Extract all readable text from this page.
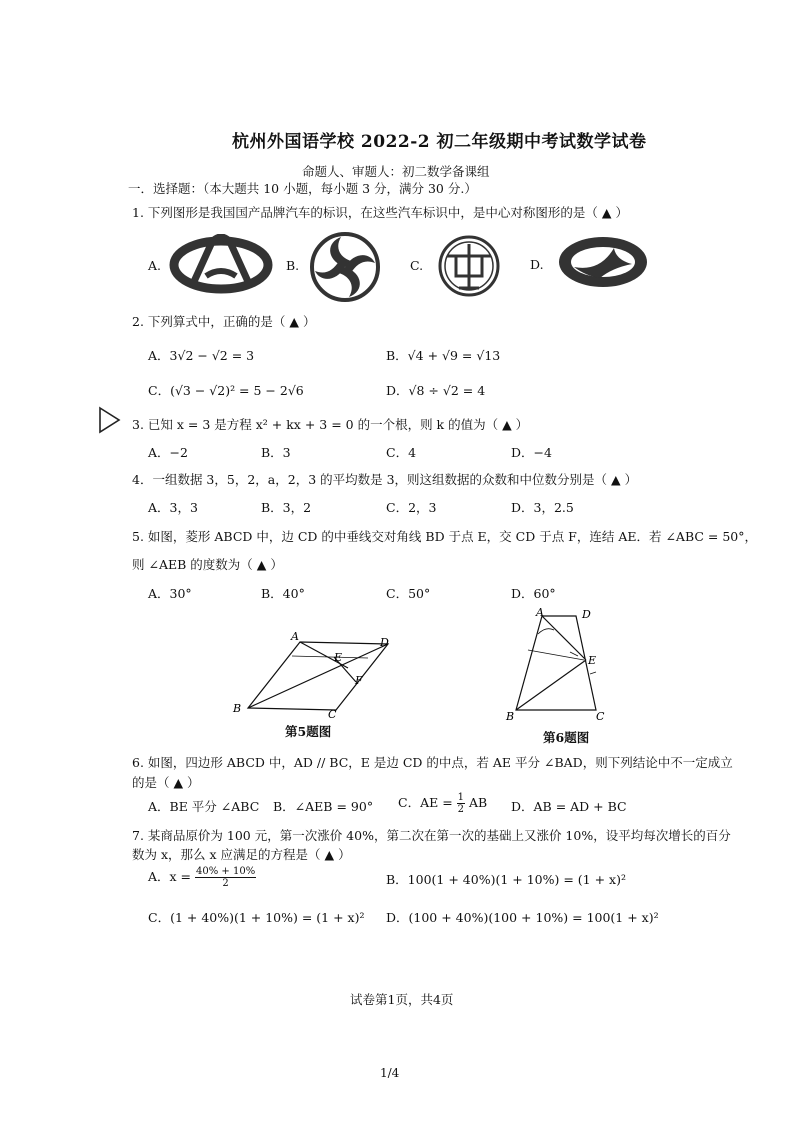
杭州外国语学校 2022-2 初二年级期中考试数学试卷
命题人、审题人：初二数学备课组
一．选择题：（本大题共 10 小题，每小题 3 分，满分 30 分.）
1. 下列图形是我国国产品牌汽车的标识，在这些汽车标识中，是中心对称图形的是（ ▲ ）
A.	B.	C.	D.
2. 下列算式中，正确的是（ ▲ ）
A．3√2 − √2 = 3	B．√4 + √9 = √13
C．(√3 − √2)² = 5 − 2√6	D．√8 ÷ √2 = 4
3. 已知 x = 3 是方程 x² + kx + 3 = 0 的一个根，则 k 的值为（ ▲ ）
A．−2	B．3	C．4	D．−4
4．一组数据 3，5，2，a，2，3 的平均数是 3，则这组数据的众数和中位数分别是（ ▲ ）
A．3，3	B．3，2	C．2，3	D．3，2.5
5. 如图，菱形 ABCD 中，边 CD 的中垂线交对角线 BD 于点 E，交 CD 于点 F，连结 AE．若 ∠ABC = 50°，
则 ∠AEB 的度数为（ ▲ ）
A．30°	B．40°	C．50°	D．60°
A	D
E
F
B	C
第5题图
A	D
E
B	C
第6题图
6. 如图，四边形 ABCD 中，AD // BC，E 是边 CD 的中点，若 AE 平分 ∠BAD，则下列结论中不一定成立
的是（ ▲ ）
A．BE 平分 ∠ABC B．∠AEB = 90° C．AE = $\frac{1}{2}$ AB D．AB = AD + BC
7. 某商品原价为 100 元，第一次涨价 40%，第二次在第一次的基础上又涨价 10%，设平均每次增长的百分
数为 x，那么 x 应满足的方程是（ ▲ ）
A．$x = \frac{40\% + 10\%}{2}$	B．100(1 + 40%)(1 + 10%) = (1 + x)²
C．(1 + 40%)(1 + 10%) = (1 + x)² D．(100 + 40%)(100 + 10%) = 100(1 + x)²
试卷第1页，共4页
1/4
